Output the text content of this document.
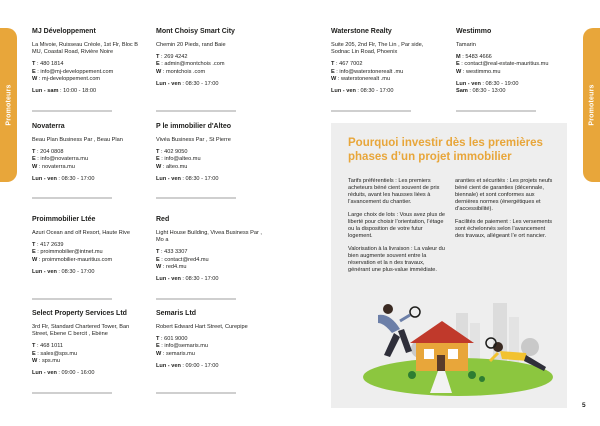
Promoteurs	Promoteurs
MJ Développement
La Mivoie, Ruisseau Créole, 1st Flr, Bloc B MU, Coastal Road, Rivière Noire
T : 480 1814
E : info@mj-developpement.com
W : mj-developpement.com
Lun - sam : 10:00 - 18:00
Novaterra
Beau Plan Business Par , Beau Plan
T : 204 0808
E : info@novaterra.mu
W : novaterra.mu
Lun - ven : 08:30 - 17:00
Proimmobilier Ltée
Azuri Ocean and olf Resort, Haute Rive
T : 417 2639
E : proimmobilier@intnet.mu
W : proimmobilier-mauritius.com
Lun - ven : 08:30 - 17:00
Select Property Services Ltd
3rd Flr, Standard Chartered Tower, Ban Street, Ebene C bercit , Ebène
T : 468 1011
E : sales@sps.mu
W : sps.mu
Lun - ven : 09:00 - 16:00
Mont Choisy Smart City
Chemin 20 Pieds, rand Baie
T : 269 4242
E : admin@montchois .com
W : montchois .com
Lun - ven : 08:30 - 17:00
P le immobilier d'Alteo
Vivéa Business Par , St Pierre
T : 402 9050
E : info@alteo.mu
W : alteo.mu
Lun - ven : 08:30 - 17:00
Red
Light House Building, Vivea Business Par , Mo a
T : 433 3307
E : contact@red4.mu
W : red4.mu
Lun - ven : 08:30 - 17:00
Semaris Ltd
Robert Edward Hart Street, Curepipe
T : 601 9000
E : info@semaris.mu
W : semaris.mu
Lun - ven : 09:00 - 17:00
Waterstone Realty
Suite 205, 2nd Flr, The Lin , Par side, Sodnac Lin Road, Phoenix
T : 467 7002
E : info@waterstonerealt .mu
W : waterstonerealt .mu
Lun - ven : 08:30 - 17:00
Westimmo
Tamarin
M : 5483 4666
E : contact@real-estate-mauritius.mu
W : westimmo.mu
Lun - ven : 08:30 - 19:00
Sam : 08:30 - 13:00
Pourquoi investir dès les premières phases d’un projet immobilier

Tarifs préférentiels : Les premiers acheteurs béné cient souvent de prix réduits, avant les hausses liées à l’avancement du chantier.

Large choix de lots : Vous avez plus de liberté pour choisir l’orientation, l’étage ou la disposition de votre futur logement.

Valorisation à la livraison : La valeur du bien augmente souvent entre la réservation et la n des travaux, générant une plus-value immédiate.

aranties et sécurités : Les projets neufs béné cient de garanties (décennale, biennale) et sont conformes aux dernières normes (énergétiques et d’accessibilité).

Facilités de paiement : Les versements sont échelonnés selon l’avancement des travaux, allégeant l’e ort nancier.

5
